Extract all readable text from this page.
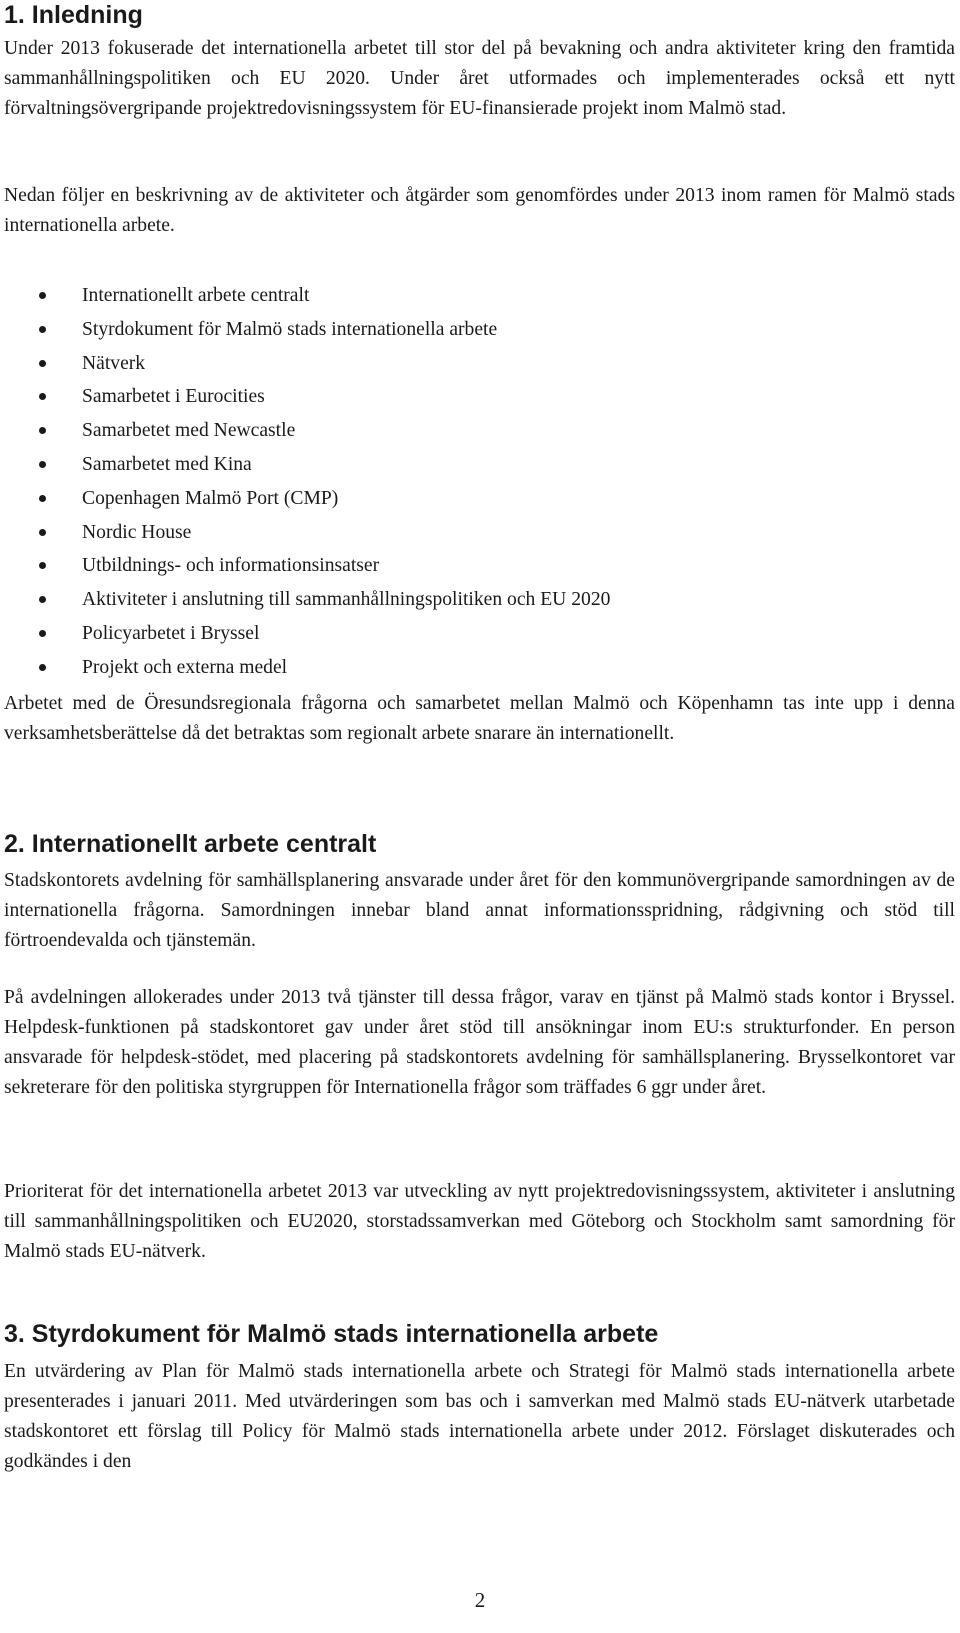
1. Inledning

Under 2013 fokuserade det internationella arbetet till stor del på bevakning och andra aktiviteter kring den framtida sammanhållningspolitiken och EU 2020. Under året utformades och implementerades också ett nytt förvaltningsövergripande projektredovisningssystem för EU-finansierade projekt inom Malmö stad.

Nedan följer en beskrivning av de aktiviteter och åtgärder som genomfördes under 2013 inom ramen för Malmö stads internationella arbete.

Internationellt arbete centralt
Styrdokument för Malmö stads internationella arbete
Nätverk
Samarbetet i Eurocities
Samarbetet med Newcastle
Samarbetet med Kina
Copenhagen Malmö Port (CMP)
Nordic House
Utbildnings- och informationsinsatser
Aktiviteter i anslutning till sammanhållningspolitiken och EU 2020
Policyarbetet i Bryssel
Projekt och externa medel

Arbetet med de Öresundsregionala frågorna och samarbetet mellan Malmö och Köpenhamn tas inte upp i denna verksamhetsberättelse då det betraktas som regionalt arbete snarare än internationellt.

2. Internationellt arbete centralt

Stadskontorets avdelning för samhällsplanering ansvarade under året för den kommunövergripande samordningen av de internationella frågorna. Samordningen innebar bland annat informationsspridning, rådgivning och stöd till förtroendevalda och tjänstemän.

På avdelningen allokerades under 2013 två tjänster till dessa frågor, varav en tjänst på Malmö stads kontor i Bryssel. Helpdesk-funktionen på stadskontoret gav under året stöd till ansökningar inom EU:s strukturfonder. En person ansvarade för helpdesk-stödet, med placering på stadskontorets avdelning för samhällsplanering. Brysselkontoret var sekreterare för den politiska styrgruppen för Internationella frågor som träffades 6 ggr under året.

Prioriterat för det internationella arbetet 2013 var utveckling av nytt projektredovisningssystem, aktiviteter i anslutning till sammanhållningspolitiken och EU2020, storstadssamverkan med Göteborg och Stockholm samt samordning för Malmö stads EU-nätverk.

3. Styrdokument för Malmö stads internationella arbete

En utvärdering av Plan för Malmö stads internationella arbete och Strategi för Malmö stads internationella arbete presenterades i januari 2011. Med utvärderingen som bas och i samverkan med Malmö stads EU-nätverk utarbetade stadskontoret ett förslag till Policy för Malmö stads internationella arbete under 2012. Förslaget diskuterades och godkändes i den

2
